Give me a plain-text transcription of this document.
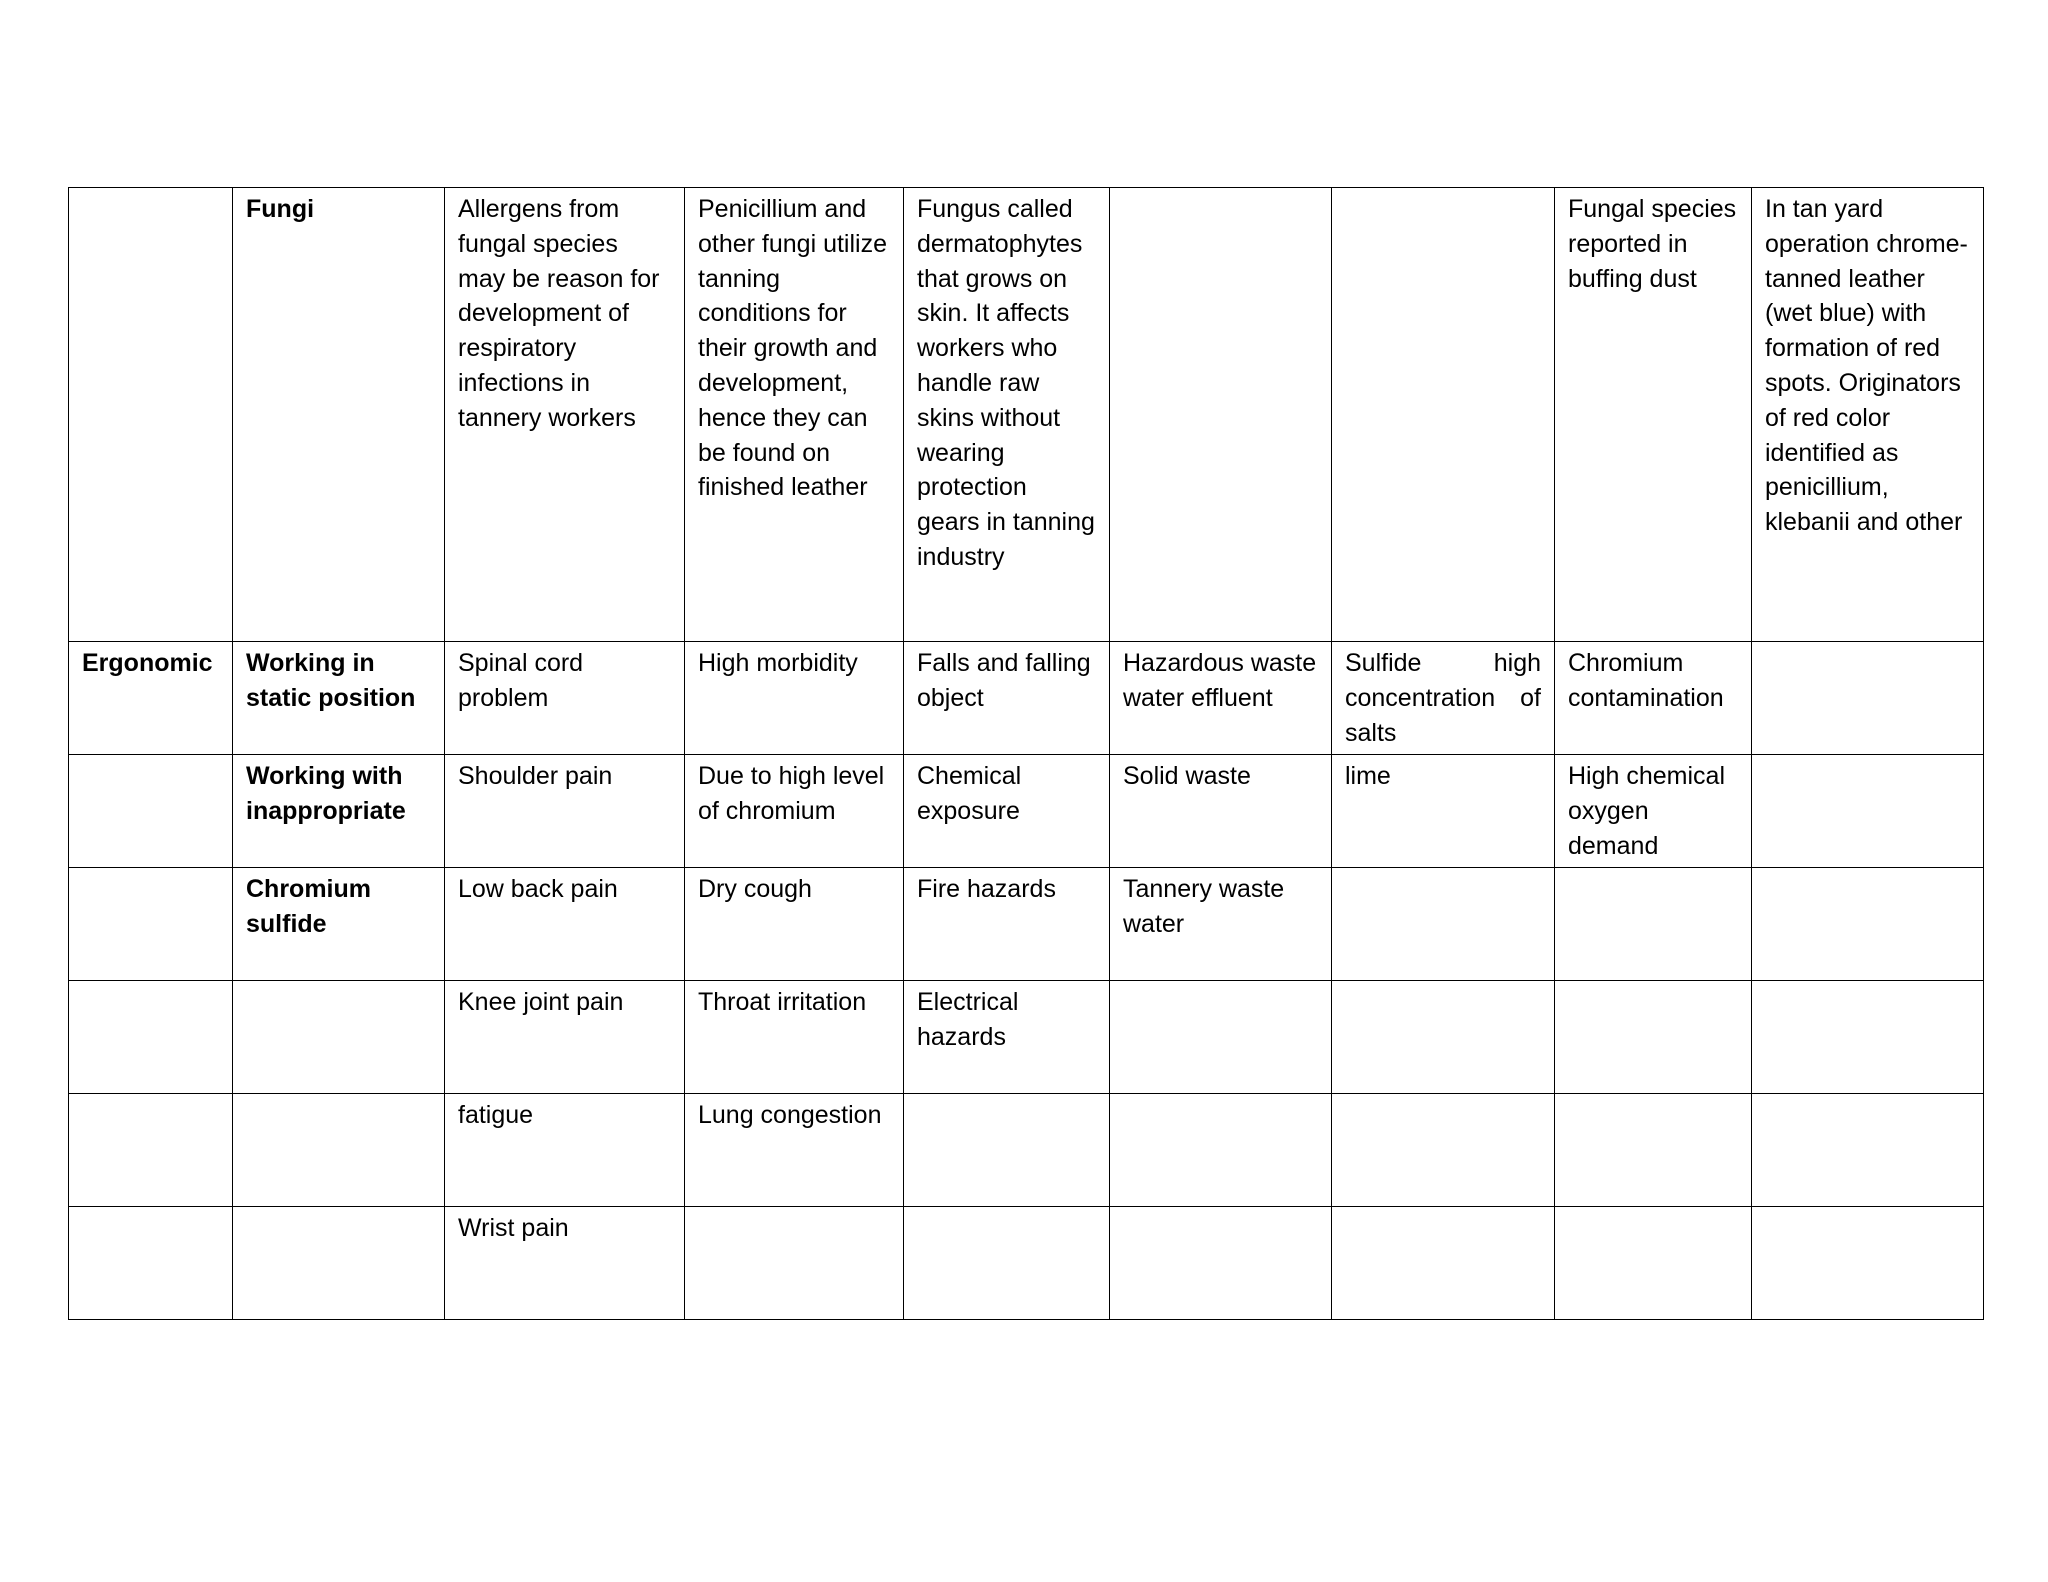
	Fungi	Allergens from fungal species may be reason for development of respiratory infections in tannery workers	Penicillium and other fungi utilize tanning conditions for their growth and development, hence they can be found on finished leather	Fungus called dermatophytes that grows on skin. It affects workers who handle raw skins without wearing protection gears in tanning industry			Fungal species reported in buffing dust	In tan yard operation chrome-tanned leather (wet blue) with formation of red spots. Originators of red color identified as penicillium, klebanii and other
Ergonomic	Working in static position	Spinal cord problem	High morbidity	Falls and falling object	Hazardous waste water effluent	Sulfide high concentration of salts	Chromium contamination	
	Working with inappropriate	Shoulder pain	Due to high level of chromium	Chemical exposure	Solid waste	lime	High chemical oxygen demand	
	Chromium sulfide	Low back pain	Dry cough	Fire hazards	Tannery waste water			
		Knee joint pain	Throat irritation	Electrical hazards				
		fatigue	Lung congestion					
		Wrist pain						
